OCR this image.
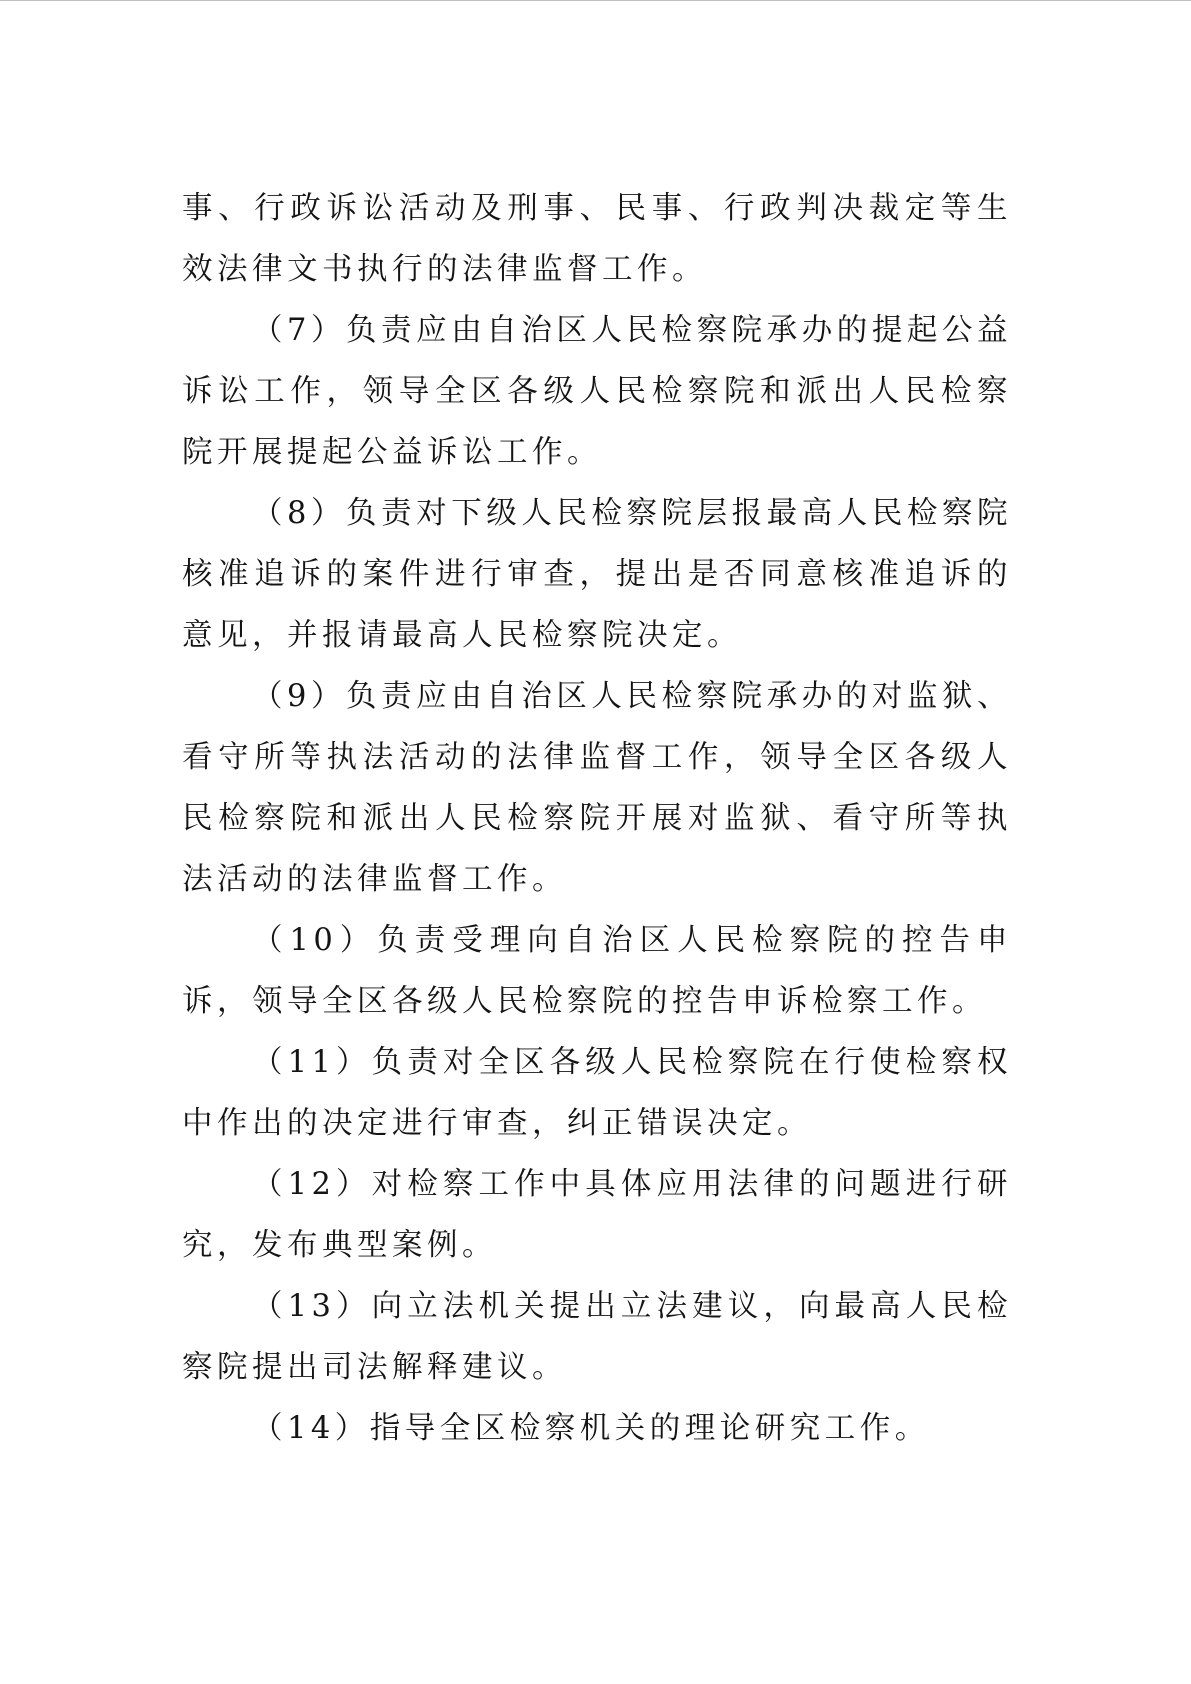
事、行政诉讼活动及刑事、民事、行政判决裁定等生效法律文书执行的法律监督工作。

（7）负责应由自治区人民检察院承办的提起公益诉讼工作，领导全区各级人民检察院和派出人民检察院开展提起公益诉讼工作。

（8）负责对下级人民检察院层报最高人民检察院核准追诉的案件进行审查，提出是否同意核准追诉的意见，并报请最高人民检察院决定。

（9）负责应由自治区人民检察院承办的对监狱、看守所等执法活动的法律监督工作，领导全区各级人民检察院和派出人民检察院开展对监狱、看守所等执法活动的法律监督工作。

（10）负责受理向自治区人民检察院的控告申诉，领导全区各级人民检察院的控告申诉检察工作。

（11）负责对全区各级人民检察院在行使检察权中作出的决定进行审查，纠正错误决定。

（12）对检察工作中具体应用法律的问题进行研究，发布典型案例。

（13）向立法机关提出立法建议，向最高人民检察院提出司法解释建议。

（14）指导全区检察机关的理论研究工作。
